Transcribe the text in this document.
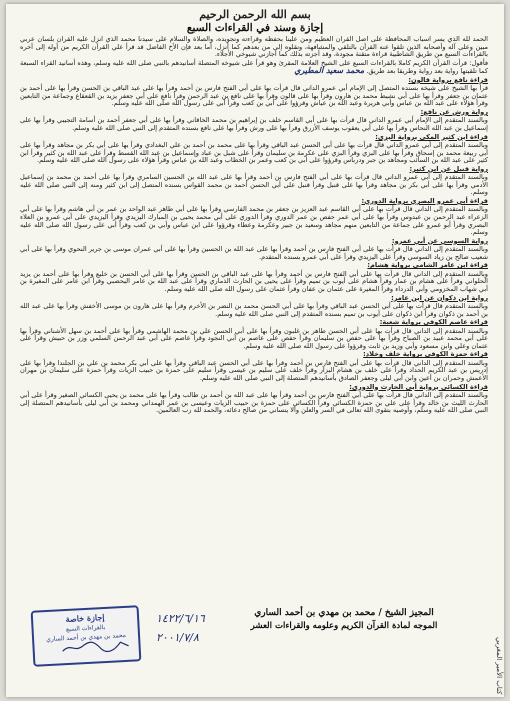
بسم الله الرحمن الرحيم
إجازة وسند في القراءات السبع

الحمد لله الذي يسر أسباب المحافظة على أصل القرآن العظيم ومن علينا بحفظه وقراءته وتجويده، والصلاة والسلام على سيدنا محمد الذي أنزل عليه القرآن بلسان عربي مبين وعلى آله وأصحابه الذين تلقوا عنه القرآن بالتلقي والمشافهة، ونقلوه إلى من بعدهم كما أنزل، أما بعد فإن الأخ الفاضل قد قرأ علي القرآن الكريم من أوله إلى آخره بالقراءات السبع من طريق الشاطبية قراءة متقنة مجودة، وقد أجزته بذلك كما أجازني شيوخي الأجلاء.

فأقول: قرأت القرآن الكريم كاملا بالقراءات السبع على الشيخ العلامة المقرئ وهو قرأ على شيوخه المتصلة أسانيدهم بالنبي صلى الله عليه وسلم، وهذه أسانيد القراء السبعة كما تلقيتها رواية بعد رواية وطريقا بعد طريق. محمد سعيد المطيري

قراءة نافع برواية قالون:

قرأ بها الشيخ على شيخه بسنده المتصل إلى الإمام أبي عمرو الداني قال قرأت بها على أبي الفتح فارس بن أحمد وقرأ بها على عبد الباقي بن الحسن وقرأ بها على أحمد بن عثمان بن جعفر وقرأ بها على أبي نشيط محمد بن هارون وقرأ بها على قالون وقرأ بها على نافع بن عبد الرحمن وقرأ نافع على أبي جعفر يزيد بن القعقاع وجماعة من التابعين وقرأ هؤلاء على عبد الله بن عباس وأبي هريرة وعبد الله بن عياش وقرؤوا على أبي بن كعب وقرأ أبي على رسول الله صلى الله عليه وسلم.

رواية ورش عن نافع:

وبالسند المتقدم إلى الإمام أبي عمرو الداني قال قرأت بها على أبي القاسم خلف بن إبراهيم بن محمد الخاقاني وقرأ بها على أبي جعفر أحمد بن أسامة التجيبي وقرأ بها على إسماعيل بن عبد الله النحاس وقرأ بها على أبي يعقوب يوسف الأزرق وقرأ بها على ورش وقرأ بها على نافع بسنده المتقدم إلى النبي صلى الله عليه وسلم.

قراءة ابن كثير المكي برواية البزي:

وبالسند المتقدم إلى أبي عمرو الداني قال قرأت بها على أبي الحسن عبد الباقي وقرأ بها على محمد بن أحمد بن علي البغدادي وقرأ بها على أبي بكر بن مجاهد وقرأ بها على أبي ربيعة محمد بن إسحاق وقرأ بها على البزي وقرأ البزي على عكرمة بن سليمان وقرأ على شبل بن عباد وإسماعيل بن عبد الله القسط وقرأ على عبد الله بن كثير وقرأ ابن كثير على عبد الله بن السائب ومجاهد بن جبر ودرباس وقرؤوا على أبي بن كعب وعمر بن الخطاب وعبد الله بن عباس وقرأ هؤلاء على رسول الله صلى الله عليه وسلم.

رواية قنبل عن ابن كثير:

وبالسند المتقدم إلى أبي عمرو الداني قال قرأت بها على أبي الفتح فارس بن أحمد وقرأ بها على عبد الله بن الحسين السامري وقرأ بها على أحمد بن محمد بن إسماعيل الأدمي وقرأ بها على أبي بكر بن مجاهد وقرأ بها على قنبل وقرأ قنبل على أبي الحسن أحمد بن محمد القواس بسنده المتصل إلى ابن كثير ومنه إلى النبي صلى الله عليه وسلم.

قراءة أبي عمرو البصري برواية الدوري:

وبالسند المتقدم إلى الداني قال قرأت بها على أبي القاسم عبد العزيز بن جعفر بن محمد الفارسي وقرأ بها على أبي طاهر عبد الواحد بن عمر بن أبي هاشم وقرأ بها على أبي الزعراء عبد الرحمن بن عبدوس وقرأ بها على أبي عمر حفص بن عمر الدوري وقرأ الدوري على أبي محمد يحيى بن المبارك اليزيدي وقرأ اليزيدي على أبي عمرو بن العلاء البصري وقرأ أبو عمرو على جماعة من التابعين منهم مجاهد وسعيد بن جبير وعكرمة وعطاء وقرؤوا على ابن عباس وأبي بن كعب وقرأ أبي على رسول الله صلى الله عليه وسلم.

رواية السوسي عن أبي عمرو:

وبالسند المتقدم إلى الداني قال قرأت بها على أبي الفتح فارس بن أحمد وقرأ بها على عبد الله بن الحسين وقرأ بها على أبي عمران موسى بن جرير النحوي وقرأ بها على أبي شعيب صالح بن زياد السوسي وقرأ على اليزيدي وقرأ على أبي عمرو بسنده المتقدم.

قراءة ابن عامر الشامي برواية هشام:

وبالسند المتقدم إلى الداني قال قرأت بها على أبي الفتح فارس بن أحمد وقرأ بها على عبد الباقي بن الحسن وقرأ بها على أبي الحسن بن خليع وقرأ بها على أحمد بن يزيد الحلواني وقرأ على هشام بن عمار وقرأ هشام على أيوب بن تميم وقرأ على يحيى بن الحارث الذماري وقرأ على عبد الله بن عامر اليحصبي وقرأ ابن عامر على المغيرة بن أبي شهاب المخزومي وأبي الدرداء وقرأ المغيرة على عثمان بن عفان وقرأ عثمان على رسول الله صلى الله عليه وسلم.

رواية ابن ذكوان عن ابن عامر:

وبالسند المتقدم قال قرأت بها على أبي الحسن عبد الباقي وقرأ بها على أبي الحسن محمد بن النضر بن الأخرم وقرأ بها على هارون بن موسى الأخفش وقرأ بها على عبد الله بن أحمد بن ذكوان وقرأ ابن ذكوان على أيوب بن تميم بسنده المتقدم إلى النبي صلى الله عليه وسلم.

قراءة عاصم الكوفي برواية شعبة:

وبالسند المتقدم إلى الداني قال قرأت بها على أبي الحسن طاهر بن غلبون وقرأ بها على أبي الحسن علي بن محمد الهاشمي وقرأ بها على أحمد بن سهل الأشناني وقرأ بها على أبي محمد عبيد بن الصباح وقرأ بها على حفص بن سليمان وقرأ حفص على عاصم بن أبي النجود وقرأ عاصم على أبي عبد الرحمن السلمي وزر بن حبيش وقرأ على عثمان وعلي وابن مسعود وأبي وزيد بن ثابت وقرؤوا على رسول الله صلى الله عليه وسلم.

قراءة حمزة الكوفي برواية خلف وخلاد:

وبالسند المتقدم إلى الداني قال قرأت بها على أبي الفتح فارس بن أحمد وقرأ بها على أبي الحسن عبد الباقي وقرأ بها على أبي بكر محمد بن علي بن الجلندا وقرأ بها على إدريس بن عبد الكريم الحداد وقرأ على خلف بن هشام البزار وقرأ خلف على سليم بن عيسى وقرأ سليم على حمزة بن حبيب الزيات وقرأ حمزة على سليمان بن مهران الأعمش وحمران بن أعين وابن أبي ليلى وجعفر الصادق بأسانيدهم المتصلة إلى النبي صلى الله عليه وسلم.

قراءة الكسائي برواية أبي الحارث والدوري:

وبالسند المتقدم إلى الداني قال قرأت بها على أبي الفتح فارس بن أحمد وقرأ بها على عبد الله بن أحمد بن طالب وقرأ بها على محمد بن يحيى الكسائي الصغير وقرأ على أبي الحارث الليث بن خالد وقرأ على علي بن حمزة الكسائي وقرأ الكسائي على حمزة بن حبيب الزيات وعيسى بن عمر الهمداني ومحمد بن أبي ليلى بأسانيدهم المتصلة إلى النبي صلى الله عليه وسلم، وأوصيه بتقوى الله تعالى في السر والعلن وألا ينساني من صالح دعائه، والحمد لله رب العالمين.

كتاب الأمير المغربي
إجازة خاصة
بالقراءات السبع
محمد بن مهدي بن أحمد الساري
١٤٢٢/٦/١٦
٢٠٠١/٧/٨
المجيز الشيخ / محمد بن مهدي بن أحمد الساري
الموجه لمادة القرآن الكريم وعلومه والقراءات العشر
